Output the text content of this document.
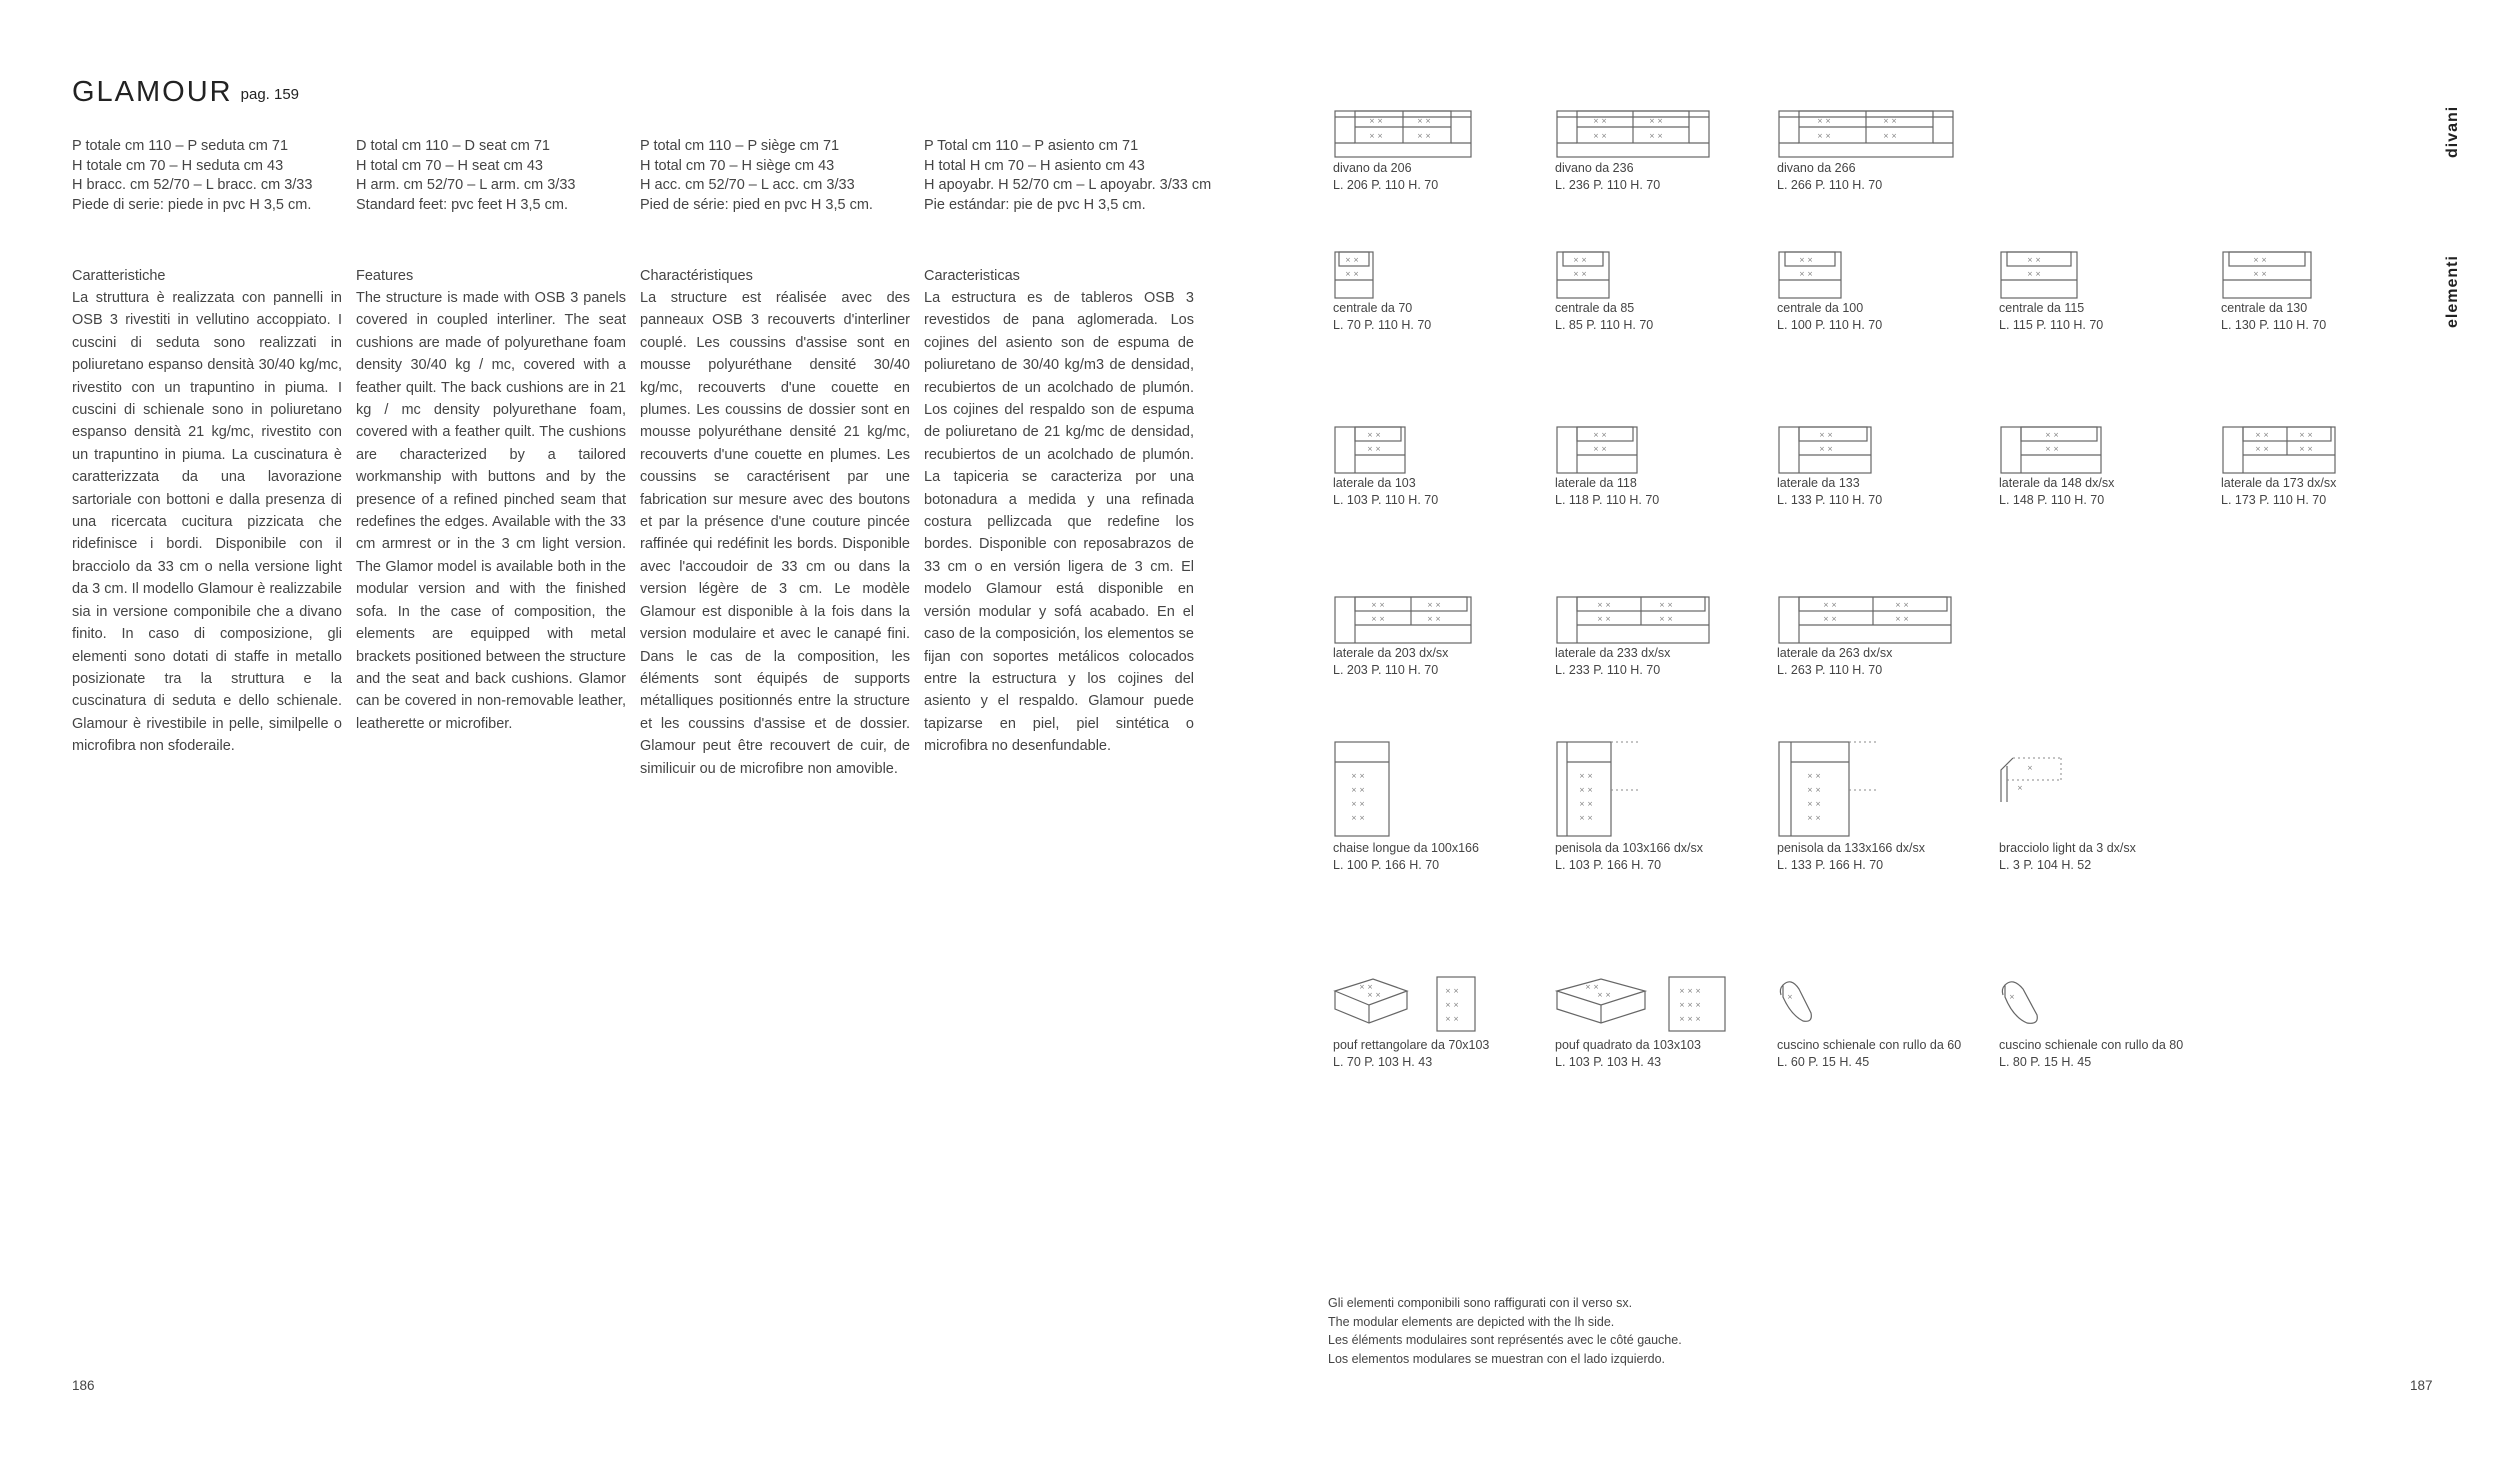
GLAMOUR pag. 159
P totale cm 110 – P seduta cm 71
H totale cm 70 – H seduta cm 43
H bracc. cm 52/70 – L bracc. cm 3/33
Piede di serie: piede in pvc H 3,5 cm.
D total cm 110 – D seat cm 71
H total cm 70 – H seat cm 43
H arm. cm 52/70 – L arm. cm 3/33
Standard feet: pvc feet H 3,5 cm.
P total cm 110 – P siège cm 71
H total cm 70 – H siège cm 43
H acc. cm 52/70 – L acc. cm 3/33
Pied de série: pied en pvc H 3,5 cm.
P Total cm 110 – P asiento cm 71
H total H cm 70 – H asiento cm 43
H apoyabr. H 52/70 cm – L apoyabr. 3/33 cm
Pie estándar: pie de pvc H 3,5 cm.
Caratteristiche
La struttura è realizzata con pannelli in OSB 3 rivestiti in vellutino accoppiato. I cuscini di seduta sono realizzati in poliuretano espanso densità 30/40 kg/mc, rivestito con un trapuntino in piuma. I cuscini di schienale sono in poliuretano espanso densità 21 kg/mc, rivestito con un trapuntino in piuma. La cuscinatura è caratterizzata da una lavorazione sartoriale con bottoni e dalla presenza di una ricercata cucitura pizzicata che ridefinisce i bordi. Disponibile con il bracciolo da 33 cm o nella versione light da 3 cm. Il modello Glamour è realizzabile sia in versione componibile che a divano finito. In caso di composizione, gli elementi sono dotati di staffe in metallo posizionate tra la struttura e la cuscinatura di seduta e dello schienale. Glamour è rivestibile in pelle, similpelle o microfibra non sfoderaile.
Features
The structure is made with OSB 3 panels covered in coupled interliner. The seat cushions are made of polyurethane foam density 30/40 kg / mc, covered with a feather quilt. The back cushions are in 21 kg / mc density polyurethane foam, covered with a feather quilt. The cushions are characterized by a tailored workmanship with buttons and by the presence of a refined pinched seam that redefines the edges. Available with the 33 cm armrest or in the 3 cm light version. The Glamor model is available both in the modular version and with the finished sofa. In the case of composition, the elements are equipped with metal brackets positioned between the structure and the seat and back cushions. Glamor can be covered in non-removable leather, leatherette or microfiber.
Charactéristiques
La structure est réalisée avec des panneaux OSB 3 recouverts d'interliner couplé. Les coussins d'assise sont en mousse polyuréthane densité 30/40 kg/mc, recouverts d'une couette en plumes. Les coussins de dossier sont en mousse polyuréthane densité 21 kg/mc, recouverts d'une couette en plumes. Les coussins se caractérisent par une fabrication sur mesure avec des boutons et par la présence d'une couture pincée raffinée qui redéfinit les bords. Disponible avec l'accoudoir de 33 cm ou dans la version légère de 3 cm. Le modèle Glamour est disponible à la fois dans la version modulaire et avec le canapé fini. Dans le cas de la composition, les éléments sont équipés de supports métalliques positionnés entre la structure et les coussins d'assise et de dossier. Glamour peut être recouvert de cuir, de similicuir ou de microfibre non amovible.
Caracteristicas
La estructura es de tableros OSB 3 revestidos de pana aglomerada. Los cojines del asiento son de espuma de poliuretano de 30/40 kg/m3 de densidad, recubiertos de un acolchado de plumón. Los cojines del respaldo son de espuma de poliuretano de 21 kg/mc de densidad, recubiertos de un acolchado de plumón. La tapiceria se caracteriza por una botonadura a medida y una refinada costura pellizcada que redefine los bordes. Disponible con reposabrazos de 33 cm o en versión ligera de 3 cm. El modelo Glamour está disponible en versión modular y sofá acabado. En el caso de la composición, los elementos se fijan con soportes metálicos colocados entre la estructura y los cojines del asiento y el respaldo. Glamour puede tapizarse en piel, piel sintética o microfibra no desenfundable.
× ×	× ×
× ×	× ×
divano da 206
L. 206 P. 110 H. 70
× ×	× ×
× ×	× ×
divano da 236
L. 236 P. 110 H. 70
× ×	× ×
× ×	× ×
divano da 266
L. 266 P. 110 H. 70
× ×
× ×
centrale da 70
L. 70 P. 110 H. 70
× ×
× ×
centrale da 85
L. 85 P. 110 H. 70
× ×
× ×
centrale da 100
L. 100 P. 110 H. 70
× ×
× ×
centrale da 115
L. 115 P. 110 H. 70
× ×
× ×
centrale da 130
L. 130 P. 110 H. 70
× ×
× ×
laterale da 103
L. 103 P. 110 H. 70
× ×
× ×
laterale da 118
L. 118 P. 110 H. 70
× ×
× ×
laterale da 133
L. 133 P. 110 H. 70
× ×
× ×
laterale da 148 dx/sx
L. 148 P. 110 H. 70
× ×	× ×
× ×	× ×
laterale da 173 dx/sx
L. 173 P. 110 H. 70
× ×	× ×
× ×	× ×
laterale da 203 dx/sx
L. 203 P. 110 H. 70
× ×	× ×
× ×	× ×
laterale da 233 dx/sx
L. 233 P. 110 H. 70
× ×	× ×
× ×	× ×
laterale da 263 dx/sx
L. 263 P. 110 H. 70
× ×
× ×
× ×
× ×
chaise longue da 100x166
L. 100 P. 166 H. 70
× ×
× ×
× ×
× ×
penisola da 103x166 dx/sx
L. 103 P. 166 H. 70
× ×
× ×
× ×
× ×
penisola da 133x166 dx/sx
L. 133 P. 166 H. 70
×
×
bracciolo light da 3 dx/sx
L. 3 P. 104 H. 52
× ×
× ×	× ×
× ×
× ×
pouf rettangolare da 70x103
L. 70 P. 103 H. 43
× ×
× ×	× × ×
× × ×
× × ×
pouf quadrato da 103x103
L. 103 P. 103 H. 43
×
cuscino schienale con rullo da 60
L. 60 P. 15 H. 45
×
cuscino schienale con rullo da 80
L. 80 P. 15 H. 45
Gli elementi componibili sono raffigurati con il verso sx.
The modular elements are depicted with the lh side.
Les éléments modulaires sont représentés avec le côté gauche.
Los elementos modulares se muestran con el lado izquierdo.
186	187
divani
elementi
